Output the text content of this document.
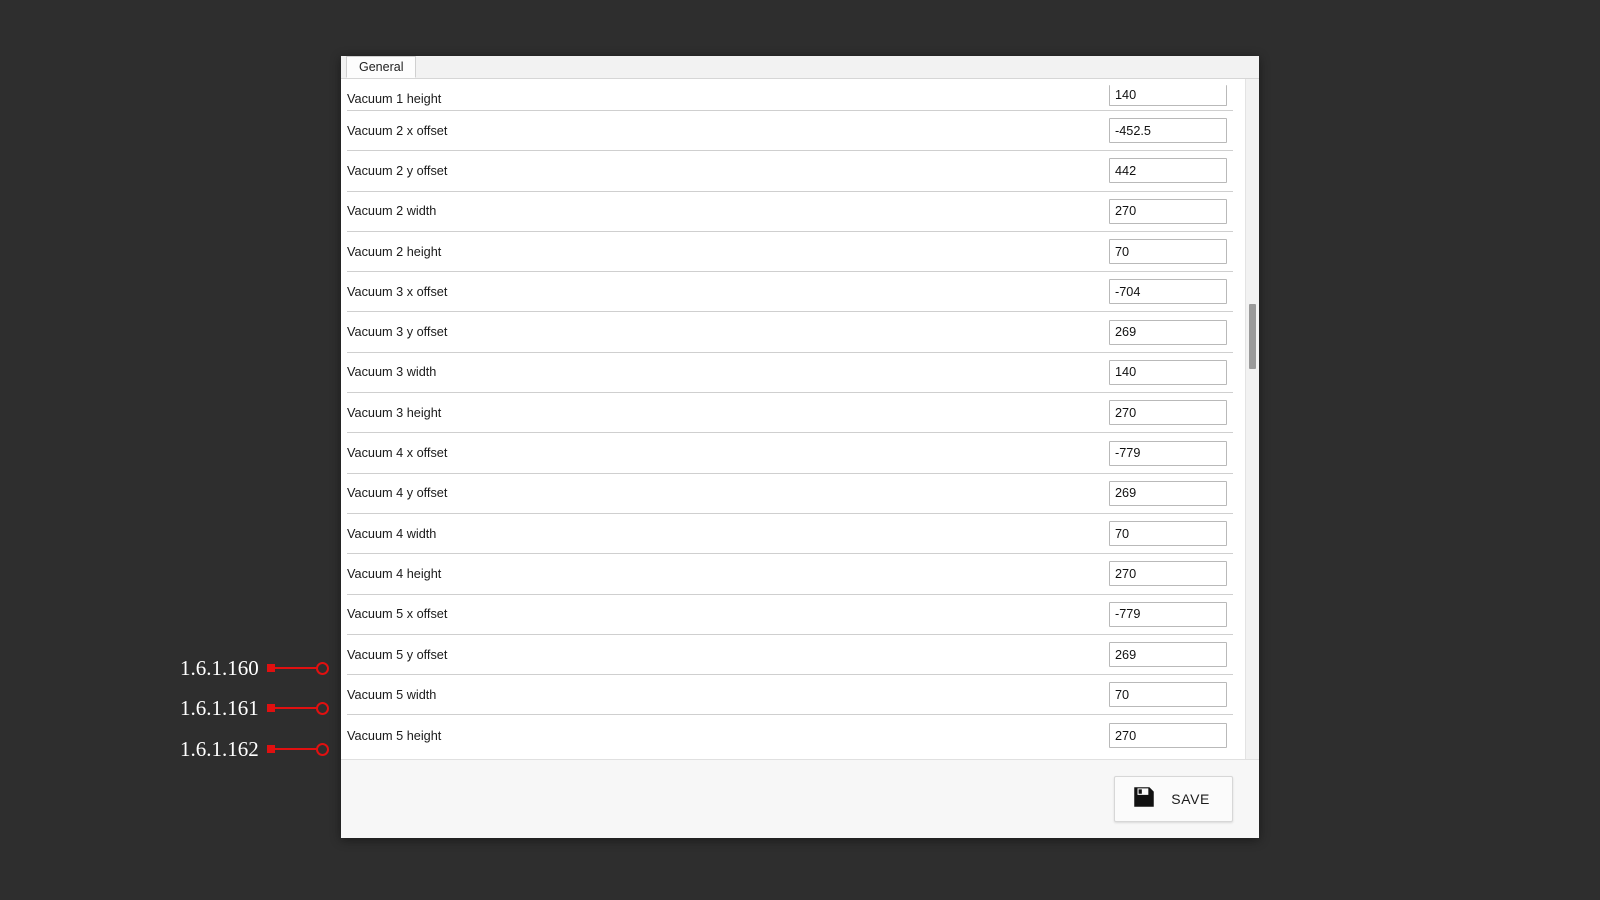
General
Vacuum 1 height	140
Vacuum 2 x offset	-452.5
Vacuum 2 y offset	442
Vacuum 2 width	270
Vacuum 2 height	70
Vacuum 3 x offset	-704
Vacuum 3 y offset	269
Vacuum 3 width	140
Vacuum 3 height	270
Vacuum 4 x offset	-779
Vacuum 4 y offset	269
Vacuum 4 width	70
Vacuum 4 height	270
Vacuum 5 x offset	-779
Vacuum 5 y offset	269
Vacuum 5 width	70
Vacuum 5 height	270
SAVE
1.6.1.160
1.6.1.161
1.6.1.162
